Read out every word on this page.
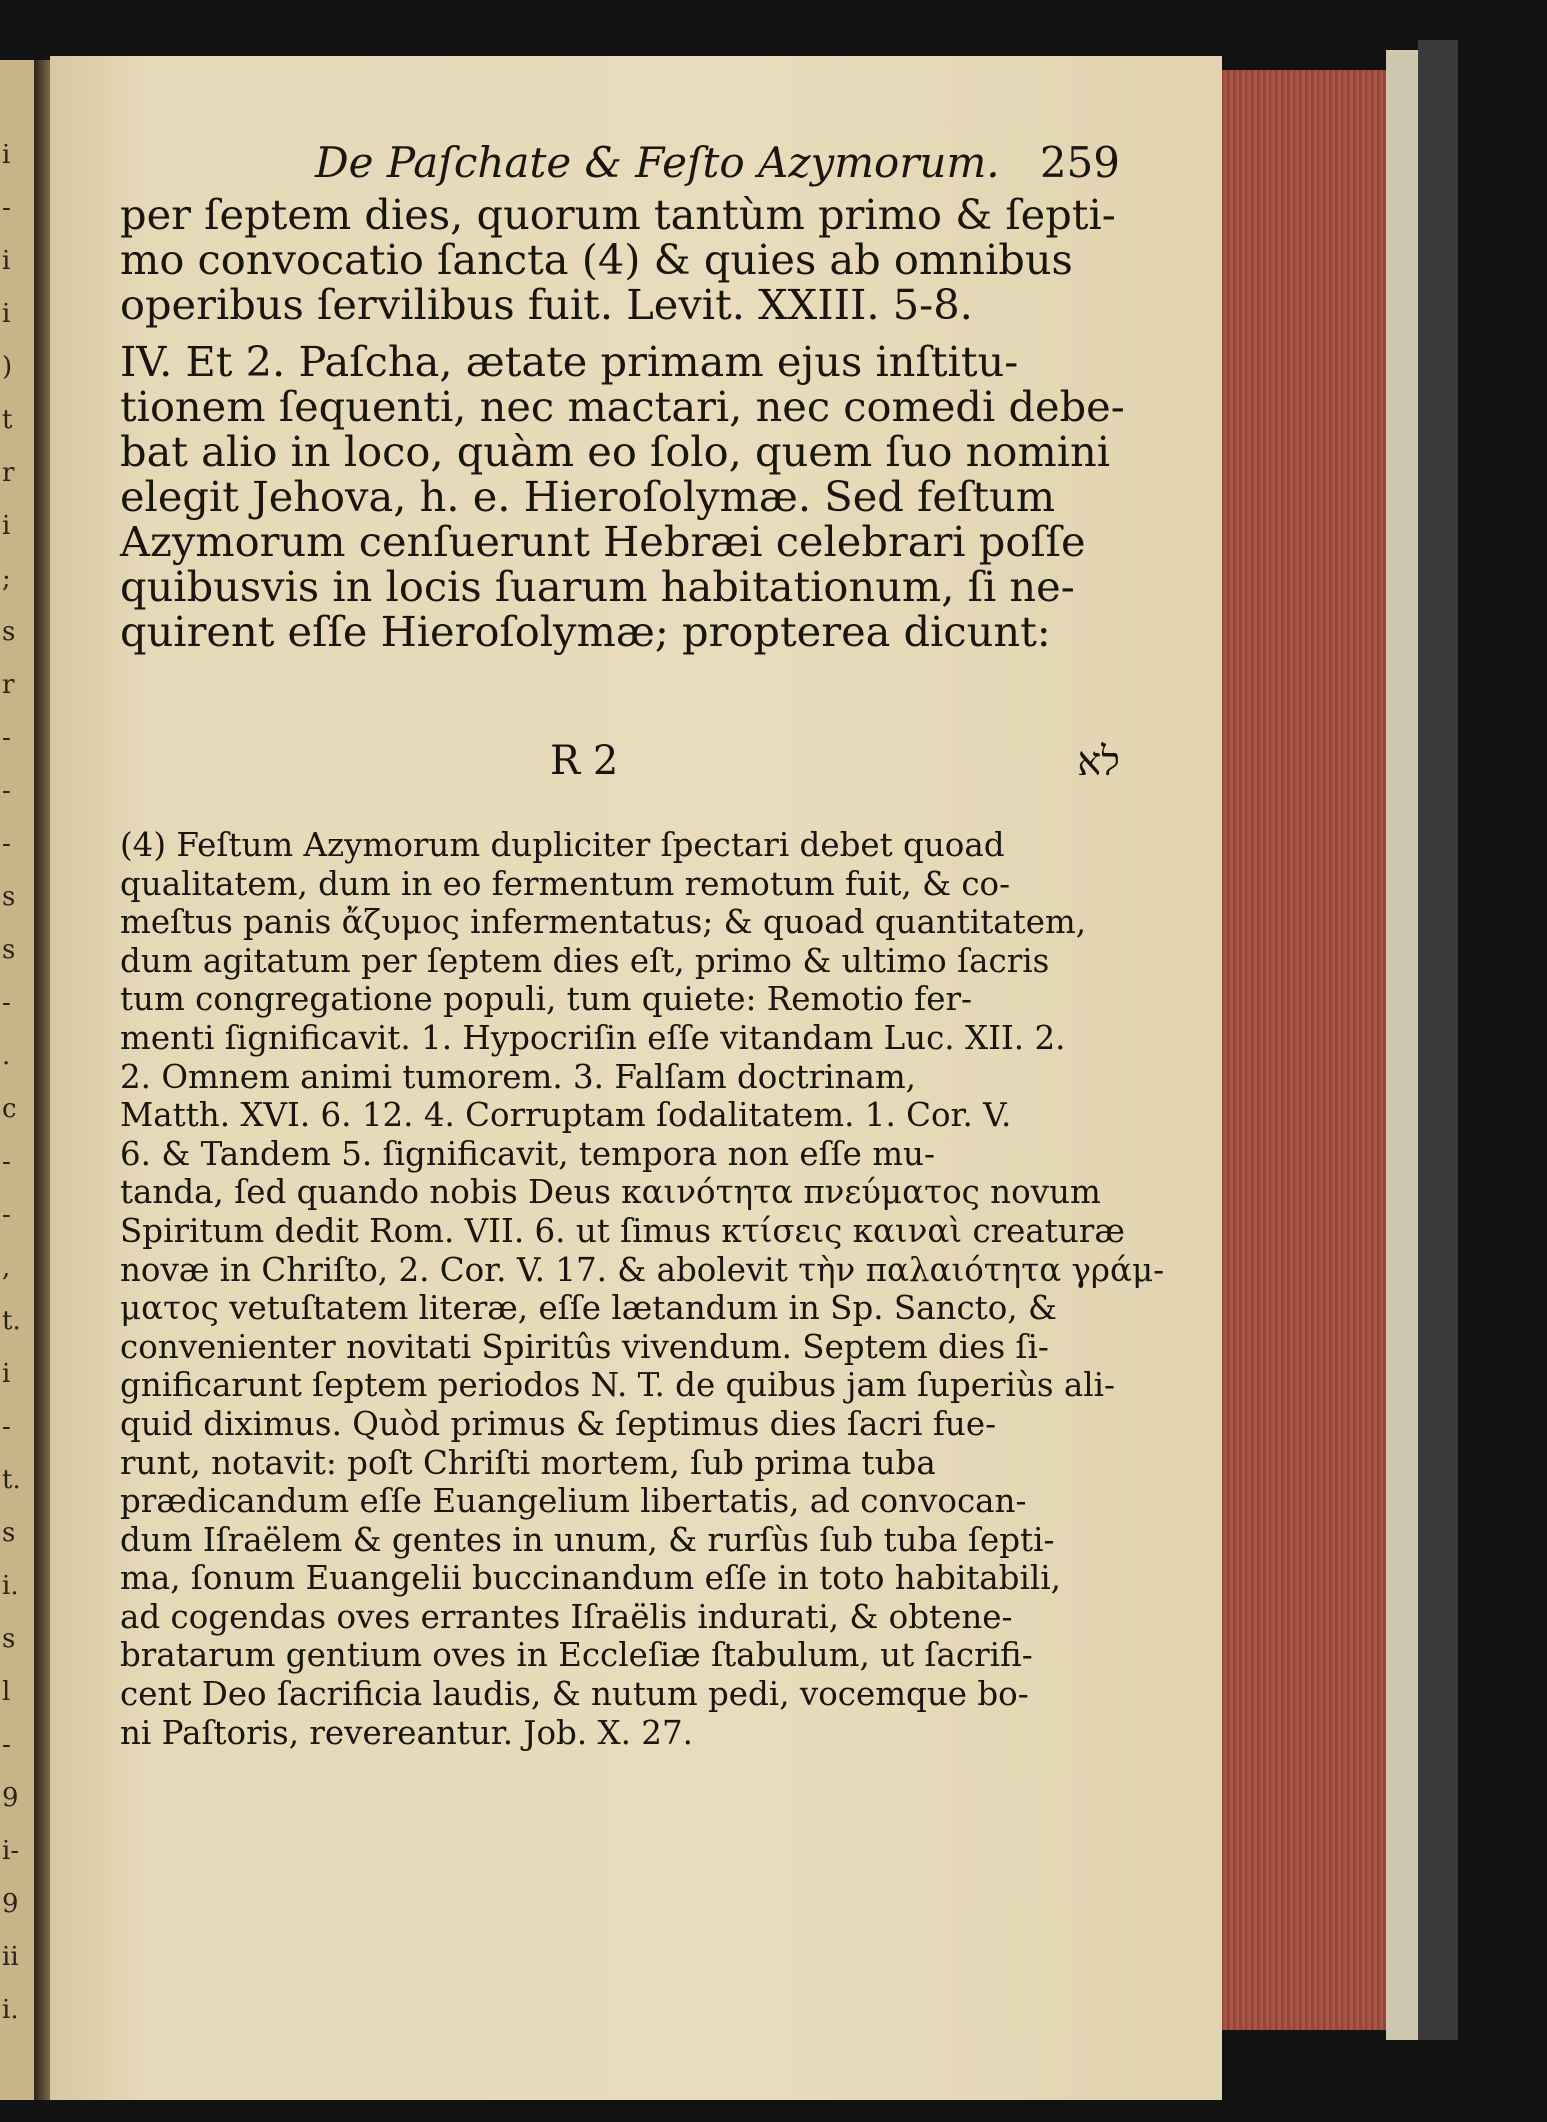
i
-
i
i
)
t
r
i
;
s
r
-
-
-
s
s
-
.
c
-
-
,
t.
i
-
t.
s
i.
s
l
-
9
i-
9
ii
i.
De Paſchate & Feſto Azymorum. 259
per ſeptem dies, quorum tantùm primo & ſepti-
mo convocatio ſancta (4) & quies ab omnibus
operibus ſervilibus fuit. Levit. XXIII. 5-8.
IV. Et 2. Paſcha, ætate primam ejus inſtitu-
tionem ſequenti, nec mactari, nec comedi debe-
bat alio in loco, quàm eo ſolo, quem ſuo nomini
elegit Jehova, h. e. Hieroſolymæ. Sed feſtum
Azymorum cenſuerunt Hebræi celebrari poſſe
quibusvis in locis ſuarum habitationum, ſi ne-
quirent eſſe Hieroſolymæ; propterea dicunt:
R 2	לא
(4) Feſtum Azymorum dupliciter ſpectari debet quoad
qualitatem, dum in eo fermentum remotum fuit, & co-
meſtus panis ἄζυμος infermentatus; & quoad quantitatem,
dum agitatum per ſeptem dies eſt, primo & ultimo ſacris
tum congregatione populi, tum quiete: Remotio fer-
menti ſignificavit. 1. Hypocriſin eſſe vitandam Luc. XII. 2.
2. Omnem animi tumorem. 3. Falſam doctrinam,
Matth. XVI. 6. 12. 4. Corruptam ſodalitatem. 1. Cor. V.
6. & Tandem 5. ſignificavit, tempora non eſſe mu-
tanda, ſed quando nobis Deus καινότητα πνεύματος novum
Spiritum dedit Rom. VII. 6. ut ſimus κτίσεις καιναὶ creaturæ
novæ in Chriſto, 2. Cor. V. 17. & abolevit τὴν παλαιότητα γράμ-
ματος vetuſtatem literæ, eſſe lætandum in Sp. Sancto, &
convenienter novitati Spiritûs vivendum. Septem dies ſi-
gnificarunt ſeptem periodos N. T. de quibus jam ſuperiùs ali-
quid diximus. Quòd primus & ſeptimus dies ſacri fue-
runt, notavit: poſt Chriſti mortem, ſub prima tuba
prædicandum eſſe Euangelium libertatis, ad convocan-
dum Iſraëlem & gentes in unum, & rurſùs ſub tuba ſepti-
ma, ſonum Euangelii buccinandum eſſe in toto habitabili,
ad cogendas oves errantes Iſraëlis indurati, & obtene-
bratarum gentium oves in Eccleſiæ ſtabulum, ut ſacrifi-
cent Deo ſacrificia laudis, & nutum pedi, vocemque bo-
ni Paſtoris, revereantur. Job. X. 27.
